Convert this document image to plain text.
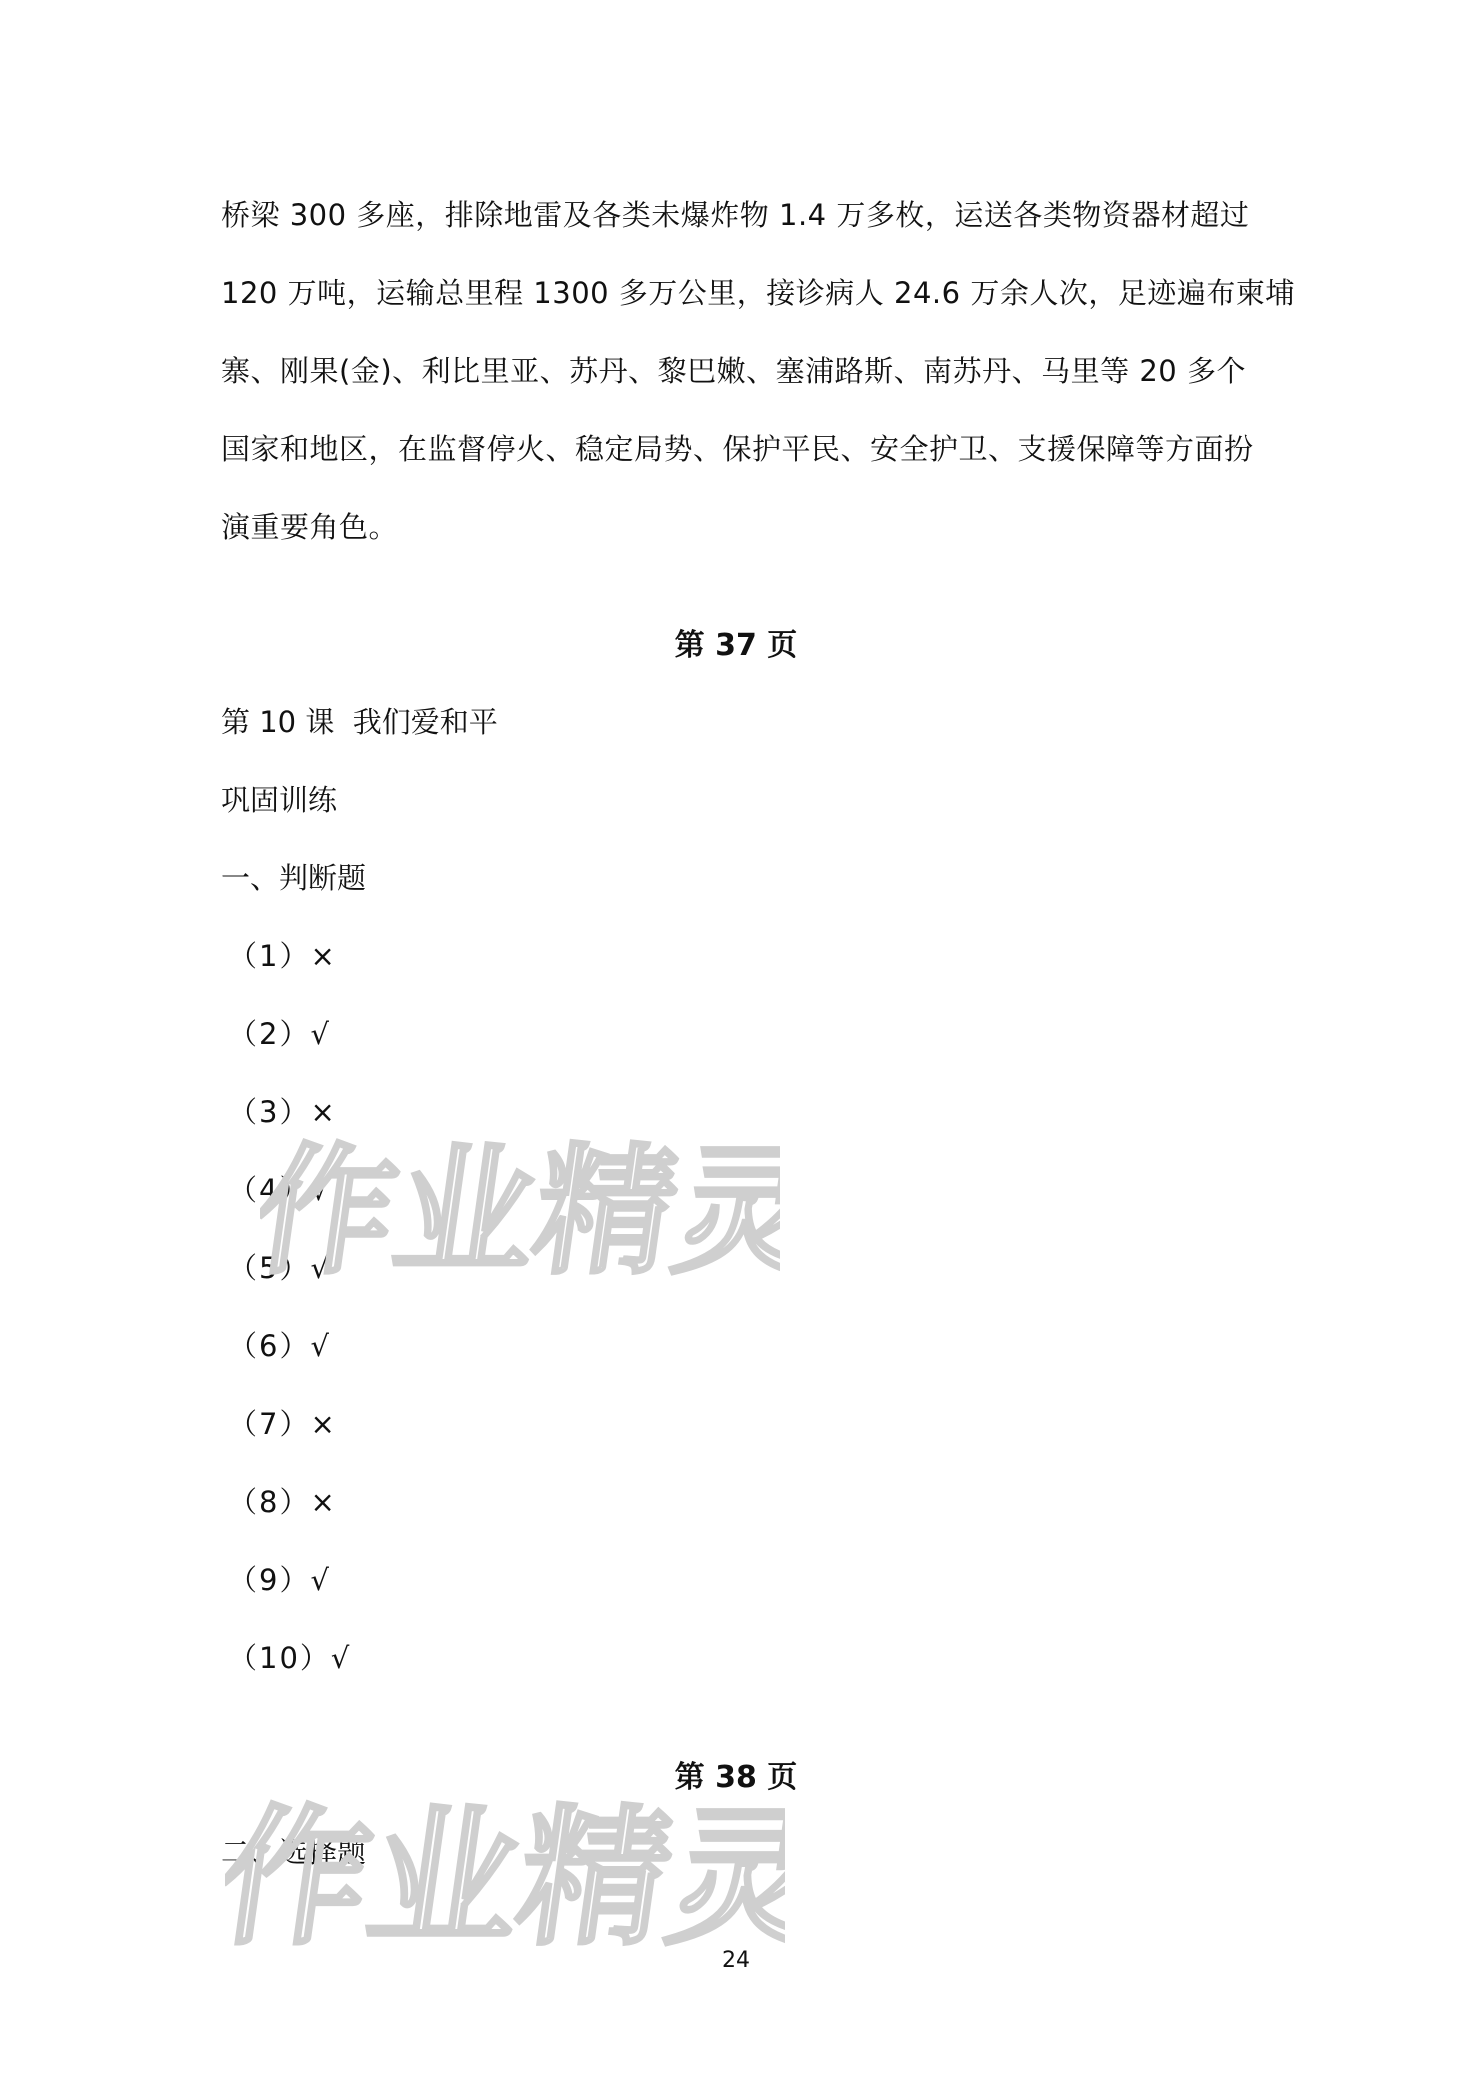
桥梁 300 多座，排除地雷及各类未爆炸物 1.4 万多枚，运送各类物资器材超过
120 万吨，运输总里程 1300 多万公里，接诊病人 24.6 万余人次，足迹遍布柬埔
寨、刚果(金)、利比里亚、苏丹、黎巴嫩、塞浦路斯、南苏丹、马里等 20 多个
国家和地区，在监督停火、稳定局势、保护平民、安全护卫、支援保障等方面扮
演重要角色。
第 37 页
第 10 课  我们爱和平
巩固训练
一、判断题
（1）×
（2）√
（3）×
（4）√
（5）√
（6）√
（7）×
（8）×
（9）√
（10）√
第 38 页
二、选择题
24
作业精灵
作业精灵
